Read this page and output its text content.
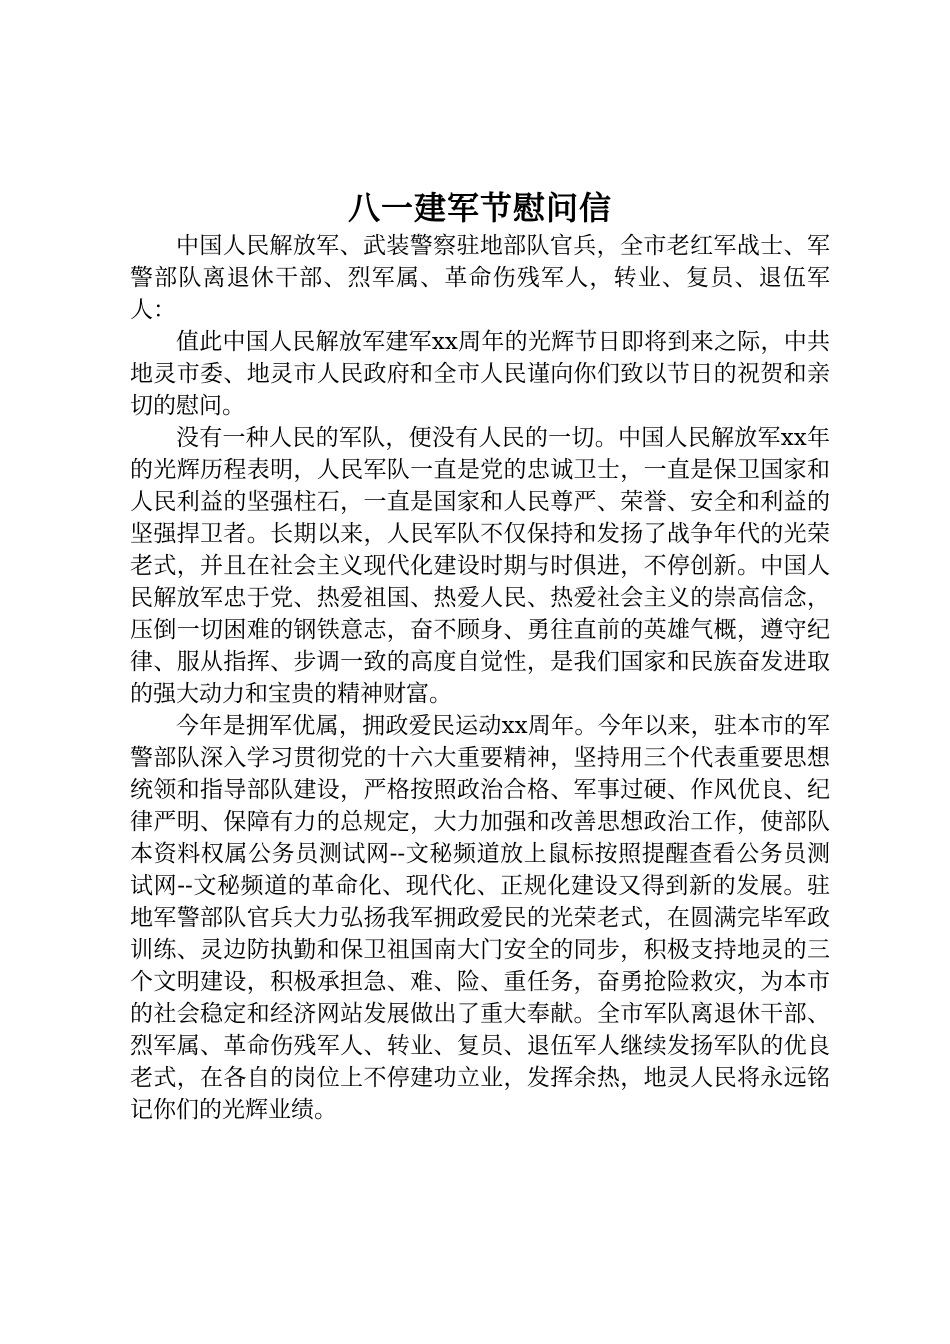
八一建军节慰问信

中国人民解放军、武装警察驻地部队官兵，全市老红军战士、军警部队离退休干部、烈军属、革命伤残军人，转业、复员、退伍军人：

值此中国人民解放军建军xx周年的光辉节日即将到来之际，中共地灵市委、地灵市人民政府和全市人民谨向你们致以节日的祝贺和亲切的慰问。

没有一种人民的军队，便没有人民的一切。中国人民解放军xx年的光辉历程表明，人民军队一直是党的忠诚卫士，一直是保卫国家和人民利益的坚强柱石，一直是国家和人民尊严、荣誉、安全和利益的坚强捍卫者。长期以来，人民军队不仅保持和发扬了战争年代的光荣老式，并且在社会主义现代化建设时期与时俱进，不停创新。中国人民解放军忠于党、热爱祖国、热爱人民、热爱社会主义的崇高信念，压倒一切困难的钢铁意志，奋不顾身、勇往直前的英雄气概，遵守纪律、服从指挥、步调一致的高度自觉性，是我们国家和民族奋发进取的强大动力和宝贵的精神财富。

今年是拥军优属，拥政爱民运动xx周年。今年以来，驻本市的军警部队深入学习贯彻党的十六大重要精神，坚持用三个代表重要思想统领和指导部队建设，严格按照政治合格、军事过硬、作风优良、纪律严明、保障有力的总规定，大力加强和改善思想政治工作，使部队本资料权属公务员测试网--文秘频道放上鼠标按照提醒查看公务员测试网--文秘频道的革命化、现代化、正规化建设又得到新的发展。驻地军警部队官兵大力弘扬我军拥政爱民的光荣老式，在圆满完毕军政训练、灵边防执勤和保卫祖国南大门安全的同步，积极支持地灵的三个文明建设，积极承担急、难、险、重任务，奋勇抢险救灾，为本市的社会稳定和经济网站发展做出了重大奉献。全市军队离退休干部、烈军属、革命伤残军人、转业、复员、退伍军人继续发扬军队的优良老式，在各自的岗位上不停建功立业，发挥余热，地灵人民将永远铭记你们的光辉业绩。
